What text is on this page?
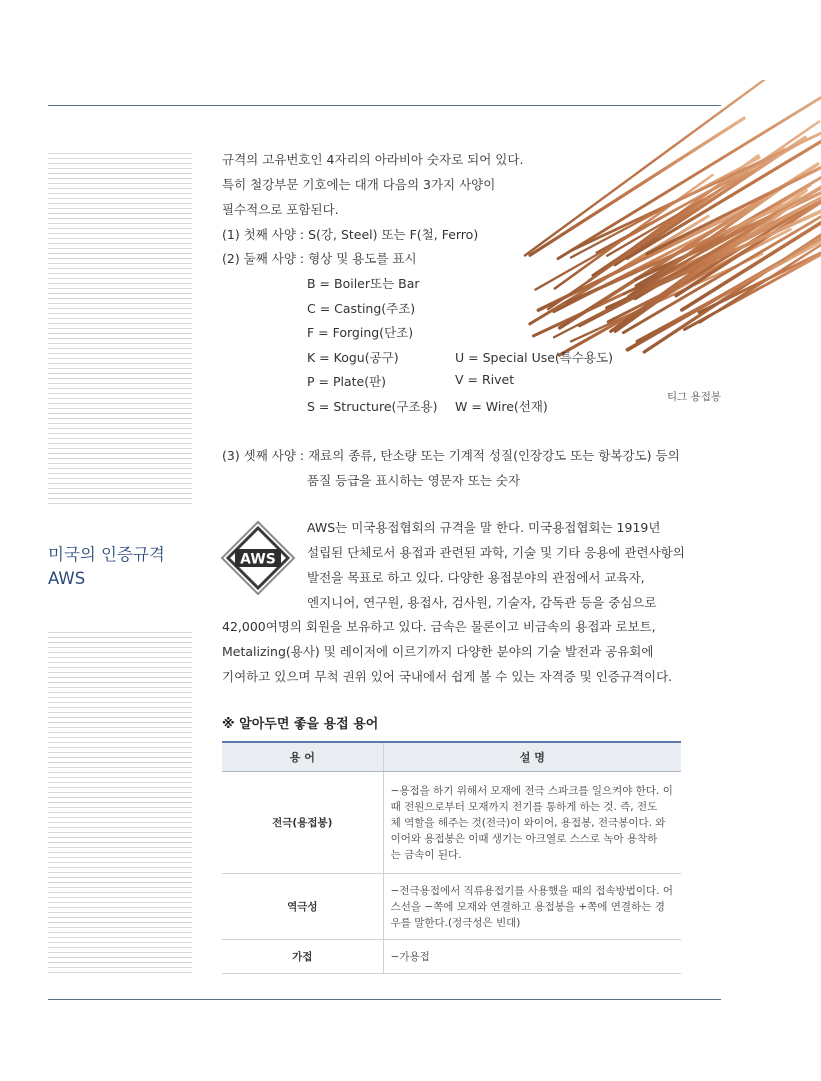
티그 용접봉
규격의 고유번호인 4자리의 아라비아 숫자로 되어 있다.
특히 철강부문 기호에는 대개 다음의 3가지 사양이
필수적으로 포함된다.
(1) 첫째 사양 : S(강, Steel) 또는 F(철, Ferro)
(2) 둘째 사양 : 형상 및 용도를 표시
B = Boiler또는 Bar
C = Casting(주조)
F = Forging(단조)
K = Kogu(공구)
P = Plate(판)
S = Structure(구조용)
U = Special Use(특수용도)
V = Rivet
W = Wire(선재)
(3) 셋째 사양 : 재료의 종류, 탄소량 또는 기계적 성질(인장강도 또는 항복강도) 등의
품질 등급을 표시하는 영문자 또는 숫자
미국의 인증규격
AWS
AWS
AWS는 미국용접협회의 규격을 말 한다. 미국용접협회는 1919년
설립된 단체로서 용접과 관련된 과학, 기술 및 기타 응용에 관련사항의
발전을 목표로 하고 있다. 다양한 용접분야의 관점에서 교육자,
엔지니어, 연구원, 용접사, 검사원, 기술자, 감독관 등을 중심으로
42,000여명의 회원을 보유하고 있다. 금속은 물론이고 비금속의 용접과 로보트,
Metalizing(용사) 및 레이저에 이르기까지 다양한 분야의 기술 발전과 공유회에
기여하고 있으며 무척 권위 있어 국내에서 쉽게 볼 수 있는 자격증 및 인증규격이다.
※ 알아두면 좋을 용접 용어
용 어	설 명
전극(용접봉)	−용접을 하기 위해서 모재에 전극 스파크를 일으켜야 한다. 이
때 전원으로부터 모재까지 전기를 통하게 하는 것. 즉, 전도
체 역할을 해주는 것(전극)이 와이어, 용접봉, 전극봉이다. 와
이어와 용접봉은 이때 생기는 아크열로 스스로 녹아 용착하
는 금속이 된다.

역극성	−전극용접에서 직류용접기를 사용했을 때의 접속방법이다. 어
스선을 −쪽에 모재와 연결하고 용접봉을 +쪽에 연결하는 경
우를 말한다.(정극성은 빈대)

가접	−가용접
